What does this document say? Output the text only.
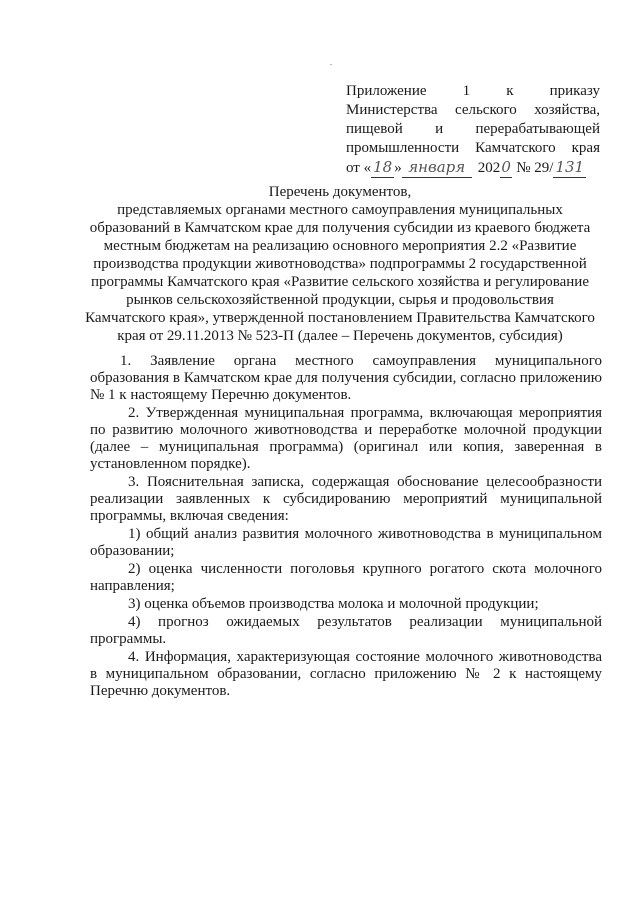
Приложение 1 к приказу
Министерства сельского хозяйства,
пищевой и перерабатывающей
промышленности Камчатского края
от « 18 » января 202 0 № 29/ 131
Перечень документов,
представляемых органами местного самоуправления муниципальных
образований в Камчатском крае для получения субсидии из краевого бюджета
местным бюджетам на реализацию основного мероприятия 2.2 «Развитие
производства продукции животноводства» подпрограммы 2 государственной
программы Камчатского края «Развитие сельского хозяйства и регулирование
рынков сельскохозяйственной продукции, сырья и продовольствия
Камчатского края», утвержденной постановлением Правительства Камчатского
края от 29.11.2013 № 523-П (далее – Перечень документов, субсидия)

1. Заявление органа местного самоуправления муниципального образования в Камчатском крае для получения субсидии, согласно приложению № 1 к настоящему Перечню документов.

2. Утвержденная муниципальная программа, включающая мероприятия по развитию молочного животноводства и переработке молочной продукции (далее – муниципальная программа) (оригинал или копия, заверенная в установленном порядке).

3. Пояснительная записка, содержащая обоснование целесообразности реализации заявленных к субсидированию мероприятий муниципальной программы, включая сведения:

1) общий анализ развития молочного животноводства в муниципальном образовании;

2) оценка численности поголовья крупного рогатого скота молочного направления;

3) оценка объемов производства молока и молочной продукции;

4) прогноз ожидаемых результатов реализации муниципальной программы.

4. Информация, характеризующая состояние молочного животноводства в муниципальном образовании, согласно приложению № 2 к настоящему Перечню документов.
